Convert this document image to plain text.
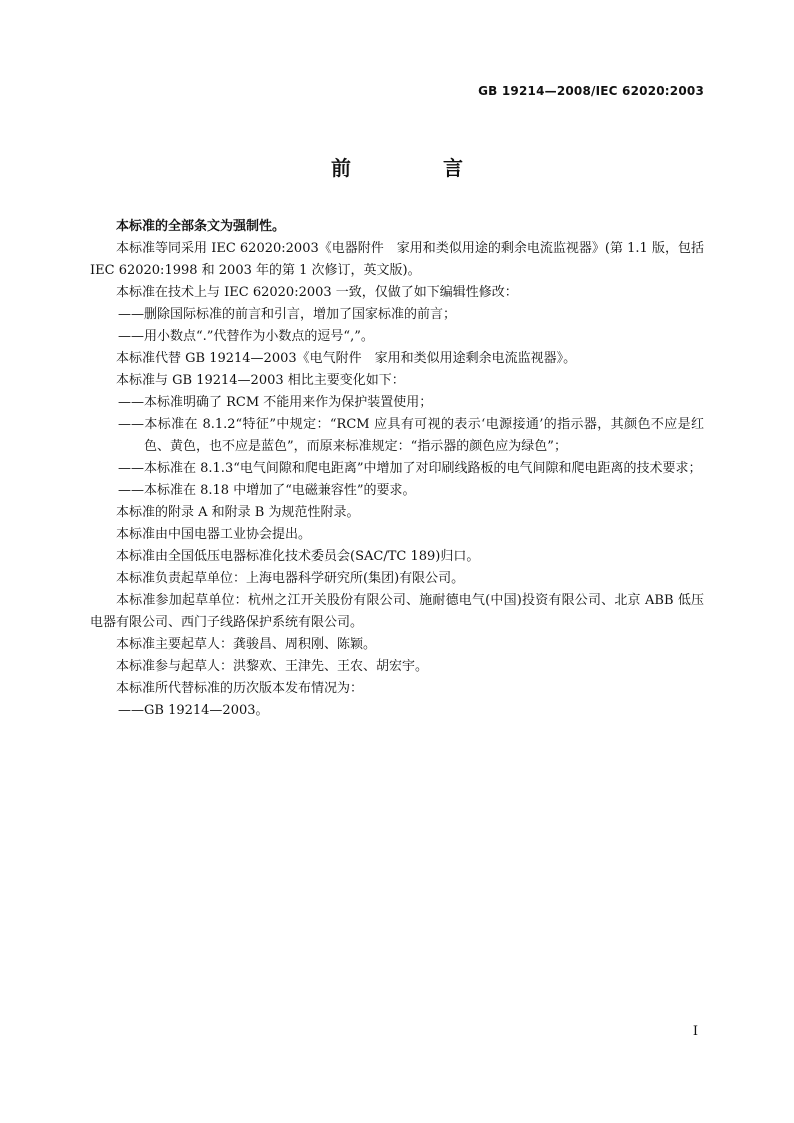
GB 19214—2008/IEC 62020:2003
前　言

本标准的全部条文为强制性。

本标准等同采用 IEC 62020:2003《电器附件　家用和类似用途的剩余电流监视器》(第 1.1 版，包括 IEC 62020:1998 和 2003 年的第 1 次修订，英文版)。

本标准在技术上与 IEC 62020:2003 一致，仅做了如下编辑性修改：

——删除国际标准的前言和引言，增加了国家标准的前言；

——用小数点“.”代替作为小数点的逗号“,”。

本标准代替 GB 19214—2003《电气附件　家用和类似用途剩余电流监视器》。

本标准与 GB 19214—2003 相比主要变化如下：

——本标准明确了 RCM 不能用来作为保护装置使用；

——本标准在 8.1.2“特征”中规定：“RCM 应具有可视的表示‘电源接通’的指示器，其颜色不应是红色、黄色，也不应是蓝色”，而原来标准规定：“指示器的颜色应为绿色”；

——本标准在 8.1.3“电气间隙和爬电距离”中增加了对印刷线路板的电气间隙和爬电距离的技术要求；

——本标准在 8.18 中增加了“电磁兼容性”的要求。

本标准的附录 A 和附录 B 为规范性附录。

本标准由中国电器工业协会提出。

本标准由全国低压电器标准化技术委员会(SAC/TC 189)归口。

本标准负责起草单位：上海电器科学研究所(集团)有限公司。

本标准参加起草单位：杭州之江开关股份有限公司、施耐德电气(中国)投资有限公司、北京 ABB 低压电器有限公司、西门子线路保护系统有限公司。

本标准主要起草人：龚骏昌、周积刚、陈颖。

本标准参与起草人：洪黎欢、王津先、王农、胡宏宇。

本标准所代替标准的历次版本发布情况为：

——GB 19214—2003。

I
